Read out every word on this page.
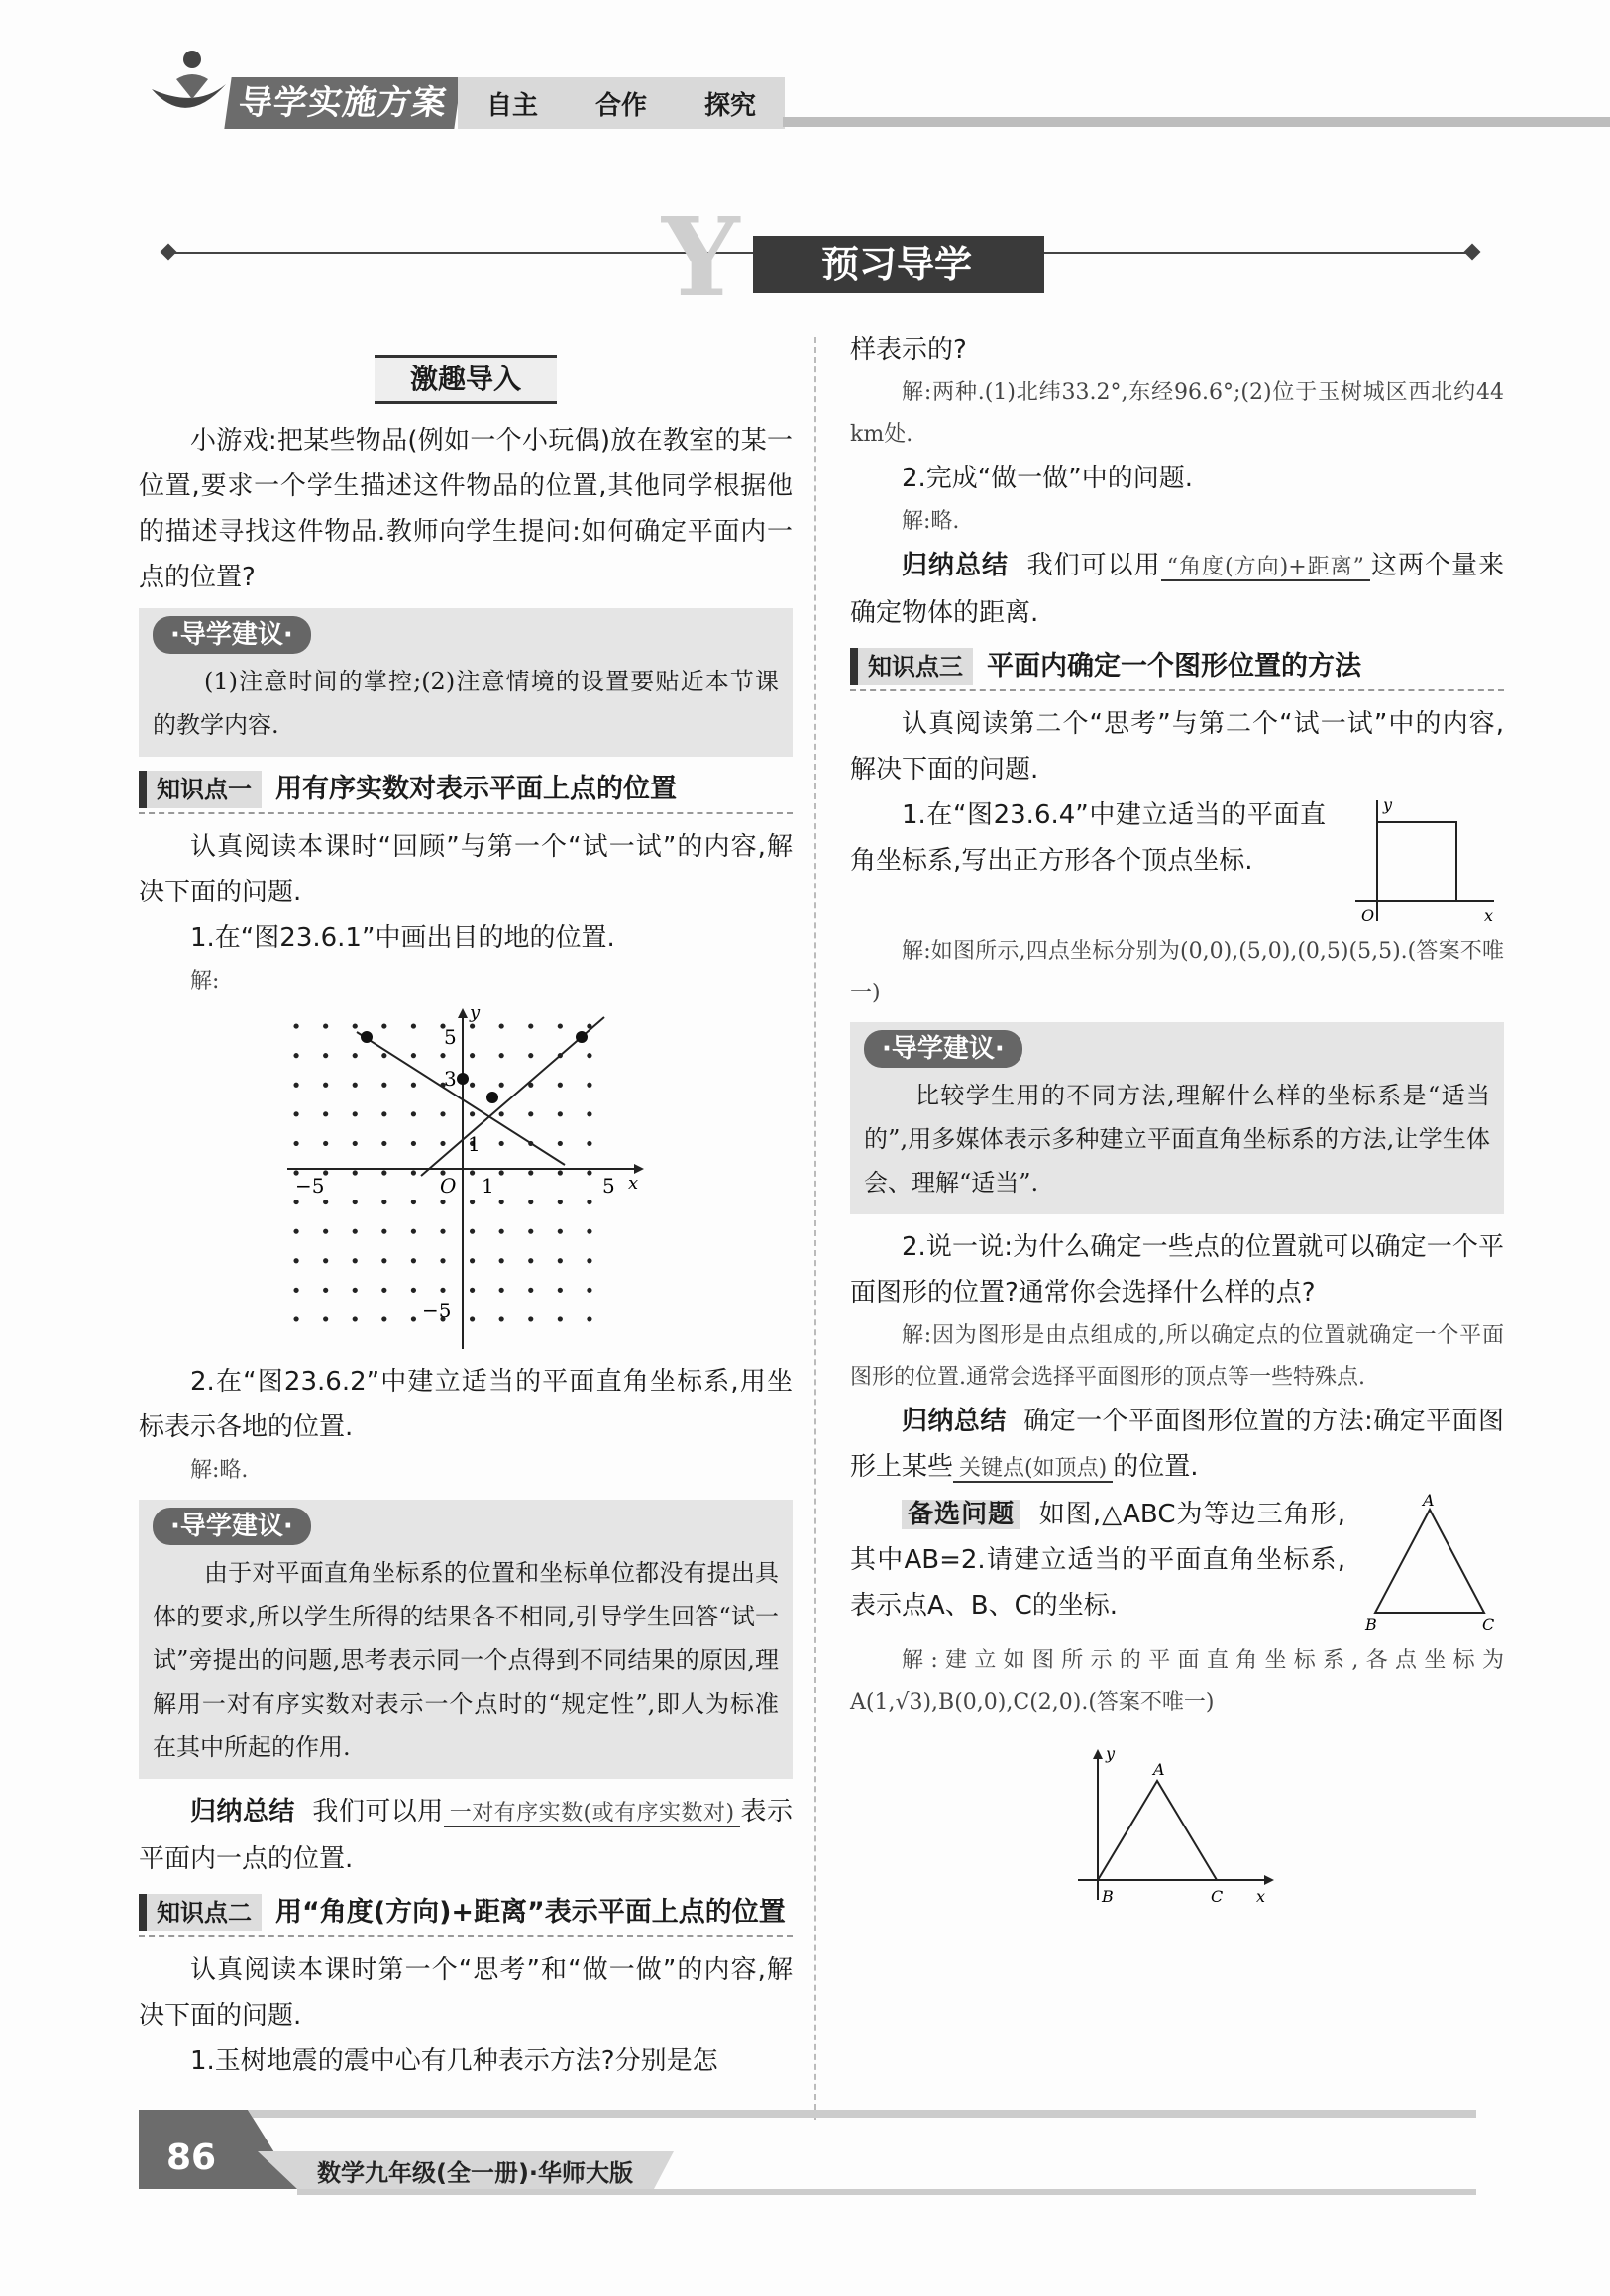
导学实施方案	自主 合作 探究
Y	预习导学
激趣导入

小游戏:把某些物品(例如一个小玩偶)放在教室的某一位置,要求一个学生描述这件物品的位置,其他同学根据他的描述寻找这件物品.教师向学生提问:如何确定平面内一点的位置?

·导学建议·

(1)注意时间的掌控;(2)注意情境的设置要贴近本节课的教学内容.

知识点一 用有序实数对表示平面上点的位置

认真阅读本课时“回顾”与第一个“试一试”的内容,解决下面的问题.

1.在“图23.6.1”中画出目的地的位置.

解:

y
x
5
3
1
−5	O 1	5
−5

2.在“图23.6.2”中建立适当的平面直角坐标系,用坐标表示各地的位置.

解:略.

·导学建议·

由于对平面直角坐标系的位置和坐标单位都没有提出具体的要求,所以学生所得的结果各不相同,引导学生回答“试一试”旁提出的问题,思考表示同一个点得到不同结果的原因,理解用一对有序实数对表示一个点时的“规定性”,即人为标准在其中所起的作用.

归纳总结 我们可以用 一对有序实数(或有序实数对) 表示平面内一点的位置.

知识点二 用“角度(方向)+距离”表示平面上点的位置

认真阅读本课时第一个“思考”和“做一做”的内容,解决下面的问题.

1.玉树地震的震中心有几种表示方法?分别是怎

样表示的?

解:两种.(1)北纬33.2°,东经96.6°;(2)位于玉树城区西北约44 km处.

2.完成“做一做”中的问题.

解:略.

归纳总结 我们可以用 “角度(方向)+距离” 这两个量来确定物体的距离.

知识点三 平面内确定一个图形位置的方法

认真阅读第二个“思考”与第二个“试一试”中的内容,解决下面的问题.

1.在“图23.6.4”中建立适当的平面直角坐标系,写出正方形各个顶点坐标.

y
x
O

解:如图所示,四点坐标分别为(0,0),(5,0),(0,5)(5,5).(答案不唯一)

·导学建议·

比较学生用的不同方法,理解什么样的坐标系是“适当的”,用多媒体表示多种建立平面直角坐标系的方法,让学生体会、理解“适当”.

2.说一说:为什么确定一些点的位置就可以确定一个平面图形的位置?通常你会选择什么样的点?

解:因为图形是由点组成的,所以确定点的位置就确定一个平面图形的位置.通常会选择平面图形的顶点等一些特殊点.

归纳总结 确定一个平面图形位置的方法:确定平面图形上某些 关键点(如顶点) 的位置.

备选问题 如图,△ABC为等边三角形,其中AB=2.请建立适当的平面直角坐标系,表示点A、B、C的坐标.

A
B	C

解:建立如图所示的平面直角坐标系,各点坐标为A(1,√3),B(0,0),C(2,0).(答案不唯一)

y
x
A
B	C
86	数学九年级(全一册)·华师大版
